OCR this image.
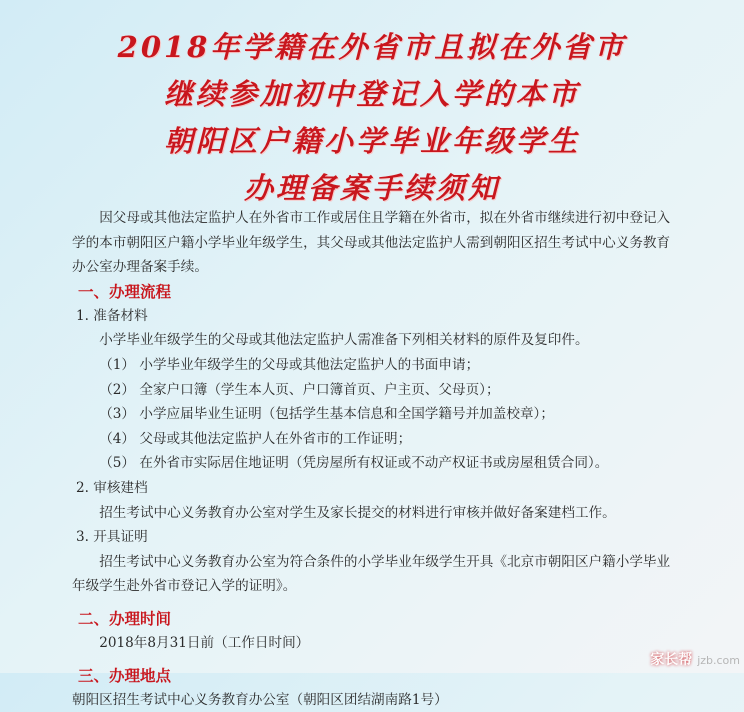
2018年学籍在外省市且拟在外省市
继续参加初中登记入学的本市
朝阳区户籍小学毕业年级学生
办理备案手续须知

因父母或其他法定监护人在外省市工作或居住且学籍在外省市，拟在外省市继续进行初中登记入学的本市朝阳区户籍小学毕业年级学生，其父母或其他法定监护人需到朝阳区招生考试中心义务教育办公室办理备案手续。

一、办理流程

1. 准备材料

小学毕业年级学生的父母或其他法定监护人需准备下列相关材料的原件及复印件。

（1） 小学毕业年级学生的父母或其他法定监护人的书面申请；

（2） 全家户口簿（学生本人页、户口簿首页、户主页、父母页）；

（3） 小学应届毕业生证明（包括学生基本信息和全国学籍号并加盖校章）；

（4） 父母或其他法定监护人在外省市的工作证明；

（5） 在外省市实际居住地证明（凭房屋所有权证或不动产权证书或房屋租赁合同）。

2. 审核建档

招生考试中心义务教育办公室对学生及家长提交的材料进行审核并做好备案建档工作。

3. 开具证明

招生考试中心义务教育办公室为符合条件的小学毕业年级学生开具《北京市朝阳区户籍小学毕业年级学生赴外省市登记入学的证明》。

二、办理时间

2018年8月31日前（工作日时间）

三、办理地点

朝阳区招生考试中心义务教育办公室（朝阳区团结湖南路1号）

家长帮 jzb.com
